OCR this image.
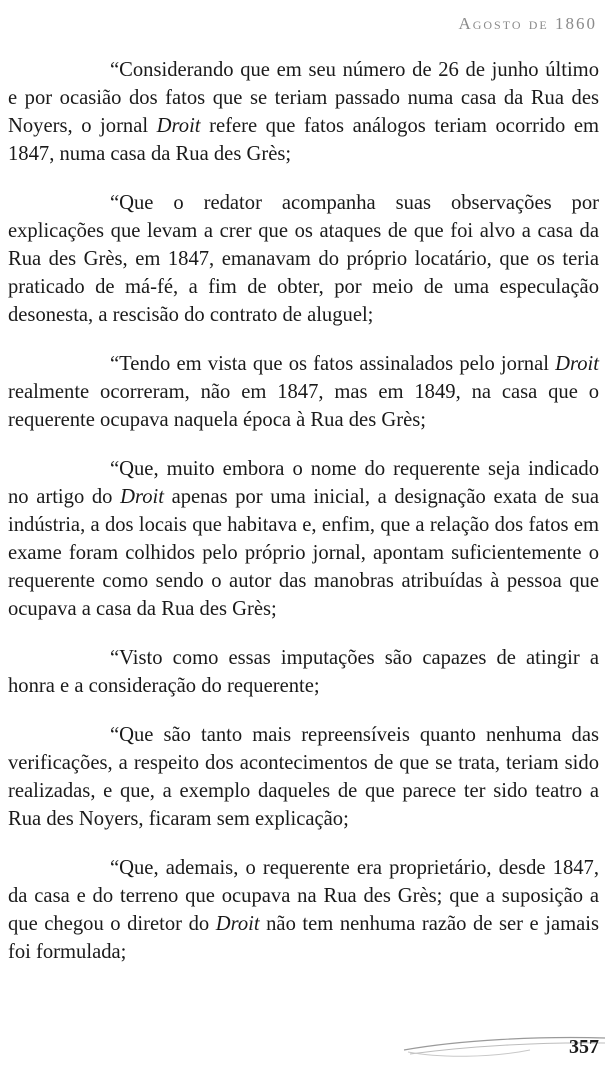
Agosto de 1860

“Considerando que em seu número de 26 de junho último e por ocasião dos fatos que se teriam passado numa casa da Rua des Noyers, o jornal Droit refere que fatos análogos teriam ocorrido em 1847, numa casa da Rua des Grès;

“Que o redator acompanha suas observações por explicações que levam a crer que os ataques de que foi alvo a casa da Rua des Grès, em 1847, emanavam do próprio locatário, que os teria praticado de má-fé, a fim de obter, por meio de uma especulação desonesta, a rescisão do contrato de aluguel;

“Tendo em vista que os fatos assinalados pelo jornal Droit realmente ocorreram, não em 1847, mas em 1849, na casa que o requerente ocupava naquela época à Rua des Grès;

“Que, muito embora o nome do requerente seja indicado no artigo do Droit apenas por uma inicial, a designação exata de sua indústria, a dos locais que habitava e, enfim, que a relação dos fatos em exame foram colhidos pelo próprio jornal, apontam suficientemente o requerente como sendo o autor das manobras atribuídas à pessoa que ocupava a casa da Rua des Grès;

“Visto como essas imputações são capazes de atingir a honra e a consideração do requerente;

“Que são tanto mais repreensíveis quanto nenhuma das verificações, a respeito dos acontecimentos de que se trata, teriam sido realizadas, e que, a exemplo daqueles de que parece ter sido teatro a Rua des Noyers, ficaram sem explicação;

“Que, ademais, o requerente era proprietário, desde 1847, da casa e do terreno que ocupava na Rua des Grès; que a suposição a que chegou o diretor do Droit não tem nenhuma razão de ser e jamais foi formulada;

357
